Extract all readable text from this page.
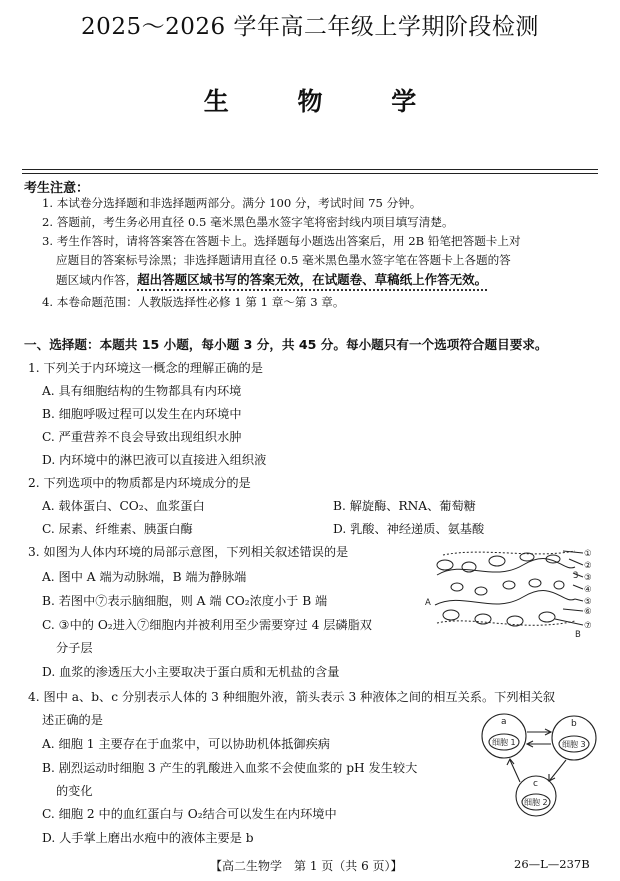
2025～2026 学年高二年级上学期阶段检测
生 物 学
考生注意：
1. 本试卷分选择题和非选择题两部分。满分 100 分，考试时间 75 分钟。
2. 答题前，考生务必用直径 0.5 毫米黑色墨水签字笔将密封线内项目填写清楚。
3. 考生作答时，请将答案答在答题卡上。选择题每小题选出答案后，用 2B 铅笔把答题卡上对
应题目的答案标号涂黑；非选择题请用直径 0.5 毫米黑色墨水签字笔在答题卡上各题的答
题区域内作答，超出答题区域书写的答案无效，在试题卷、草稿纸上作答无效。
4. 本卷命题范围：人教版选择性必修 1 第 1 章～第 3 章。
一、选择题：本题共 15 小题，每小题 3 分，共 45 分。每小题只有一个选项符合题目要求。
1. 下列关于内环境这一概念的理解正确的是
A. 具有细胞结构的生物都具有内环境
B. 细胞呼吸过程可以发生在内环境中
C. 严重营养不良会导致出现组织水肿
D. 内环境中的淋巴液可以直接进入组织液
2. 下列选项中的物质都是内环境成分的是
A. 载体蛋白、CO₂、血浆蛋白	B. 解旋酶、RNA、葡萄糖
C. 尿素、纤维素、胰蛋白酶	D. 乳酸、神经递质、氨基酸
3. 如图为人体内环境的局部示意图，下列相关叙述错误的是
A. 图中 A 端为动脉端，B 端为静脉端
B. 若图中⑦表示脑细胞，则 A 端 CO₂浓度小于 B 端
C. ③中的 O₂进入⑦细胞内并被利用至少需要穿过 4 层磷脂双
分子层
D. 血浆的渗透压大小主要取决于蛋白质和无机盐的含量
①
②
3 ③
④
⑤
⑥
⑦
A
B
4. 图中 a、b、c 分别表示人体的 3 种细胞外液，箭头表示 3 种液体之间的相互关系。下列相关叙
述正确的是
A. 细胞 1 主要存在于血浆中，可以协助机体抵御疾病
B. 剧烈运动时细胞 3 产生的乳酸进入血浆不会使血浆的 pH 发生较大
的变化
C. 细胞 2 中的血红蛋白与 O₂结合可以发生在内环境中
D. 人手掌上磨出水疱中的液体主要是 b
a	b
c
细胞 1	细胞 3
细胞 2
【高二生物学　第 1 页（共 6 页）】	26—L—237B
